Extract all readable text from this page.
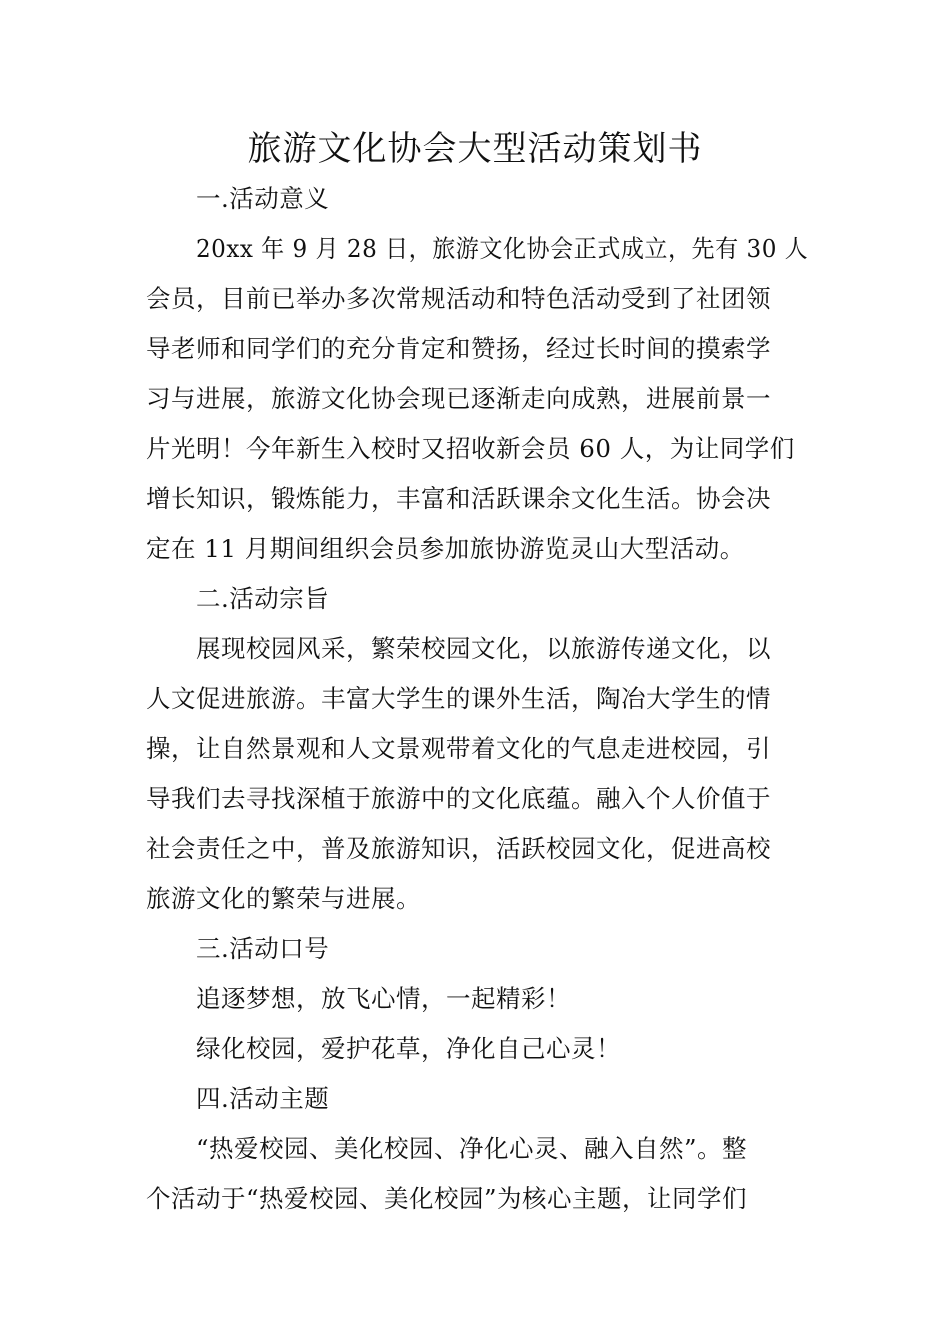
旅游文化协会大型活动策划书
一.活动意义
20xx 年 9 月 28 日，旅游文化协会正式成立，先有 30 人
会员，目前已举办多次常规活动和特色活动受到了社团领
导老师和同学们的充分肯定和赞扬，经过长时间的摸索学
习与进展，旅游文化协会现已逐渐走向成熟，进展前景一
片光明！今年新生入校时又招收新会员 60 人，为让同学们
增长知识，锻炼能力，丰富和活跃课余文化生活。协会决
定在 11 月期间组织会员参加旅协游览灵山大型活动。
二.活动宗旨
展现校园风采，繁荣校园文化，以旅游传递文化，以
人文促进旅游。丰富大学生的课外生活，陶冶大学生的情
操，让自然景观和人文景观带着文化的气息走进校园，引
导我们去寻找深植于旅游中的文化底蕴。融入个人价值于
社会责任之中，普及旅游知识，活跃校园文化，促进高校
旅游文化的繁荣与进展。
三.活动口号
追逐梦想，放飞心情，一起精彩！
绿化校园，爱护花草，净化自己心灵！
四.活动主题
“热爱校园、美化校园、净化心灵、融入自然”。整
个活动于“热爱校园、美化校园”为核心主题，让同学们
